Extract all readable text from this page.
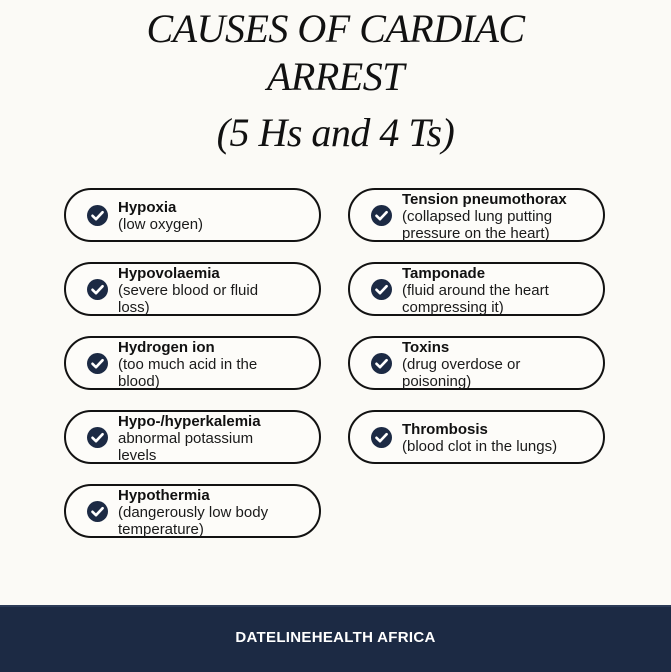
CAUSES OF CARDIAC
ARREST
(5 Hs and 4 Ts)
Hypoxia
(low oxygen)
Hypovolaemia
(severe blood or fluid
loss)
Hydrogen ion
(too much acid in the
blood)
Hypo-/hyperkalemia
abnormal potassium
levels
Hypothermia
(dangerously low body
temperature)
Tension pneumothorax
(collapsed lung putting
pressure on the heart)
Tamponade
(fluid around the heart
compressing it)
Toxins
(drug overdose or
poisoning)
Thrombosis
(blood clot in the lungs)
DATELINEHEALTH AFRICA
